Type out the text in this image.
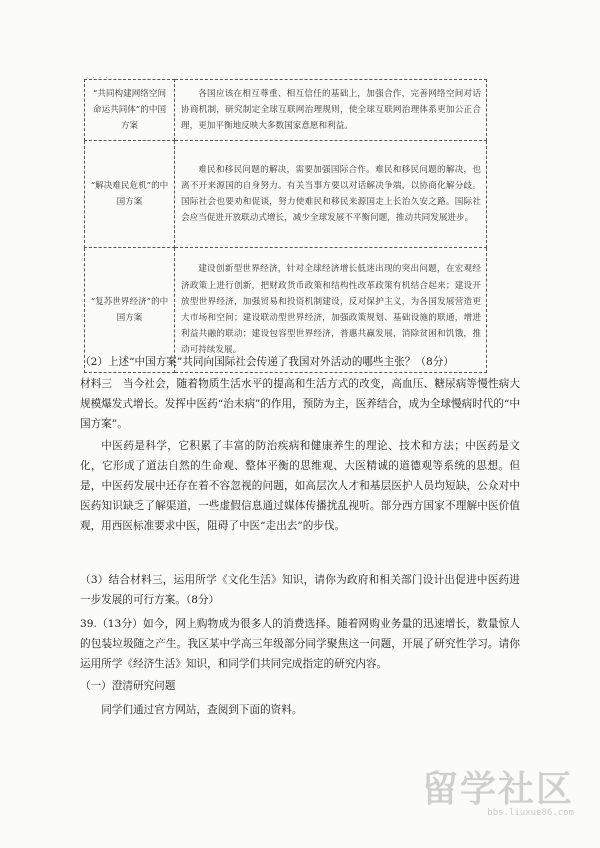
· · · ·
“共同构建网络空间命运共同体”的中国方案	各国应该在相互尊重、相互信任的基础上，加强合作，完善网络空间对话协商机制，研究制定全球互联网治理规则，使全球互联网治理体系更加公正合理，更加平衡地反映大多数国家意愿和利益。
“解决难民危机”的中国方案	难民和移民问题的解决，需要加强国际合作。难民和移民问题的解决，也离不开来源国的自身努力。有关当事方要以对话解决争端，以协商化解分歧。国际社会也要劝和促谈，努力使难民和移民来源国走上长治久安之路。国际社会应当促进开放联动式增长，减少全球发展不平衡问题，推动共同发展进步。
“复苏世界经济”的中国方案	建设创新型世界经济，针对全球经济增长低迷出现的突出问题，在宏观经济政策上进行创新，把财政货币政策和结构性改革政策有机结合起来；建设开放型世界经济，加强贸易和投资机制建设，反对保护主义，为各国发展营造更大市场和空间；建设联动型世界经济，加强政策规划、基础设施的联通，增进利益共融的联动；建设包容型世界经济，普惠共赢发展，消除贫困和饥饿，推动可持续发展。
（2）上述“中国方案”共同向国际社会传递了我国对外活动的哪些主张？（8分）
材料三　当今社会，随着物质生活水平的提高和生活方式的改变，高血压、糖尿病等慢性病大规模爆发式增长。发挥中医药“治未病”的作用，预防为主，医养结合，成为全球慢病时代的“中国方案”。
中医药是科学，它积累了丰富的防治疾病和健康养生的理论、技术和方法；中医药是文化，它形成了道法自然的生命观、整体平衡的思维观、大医精诚的道德观等系统的思想。但是，中医药发展中还存在着不容忽视的问题，如高层次人才和基层医护人员均短缺，公众对中医药知识缺乏了解渠道，一些虚假信息通过媒体传播扰乱视听。部分西方国家不理解中医价值观，用西医标准要求中医，阻碍了中医“走出去”的步伐。
（3）结合材料三，运用所学《文化生活》知识，请你为政府和相关部门设计出促进中医药进一步发展的可行方案。（8分）
39.（13分）如今，网上购物成为很多人的消费选择。随着网购业务量的迅速增长，数量惊人的包装垃圾随之产生。我区某中学高三年级部分同学聚焦这一问题，开展了研究性学习。请你运用所学《经济生活》知识，和同学们共同完成指定的研究内容。
（一）澄清研究问题
同学们通过官方网站，查阅到下面的资料。
留学社区
bbs.liuxue86.com
